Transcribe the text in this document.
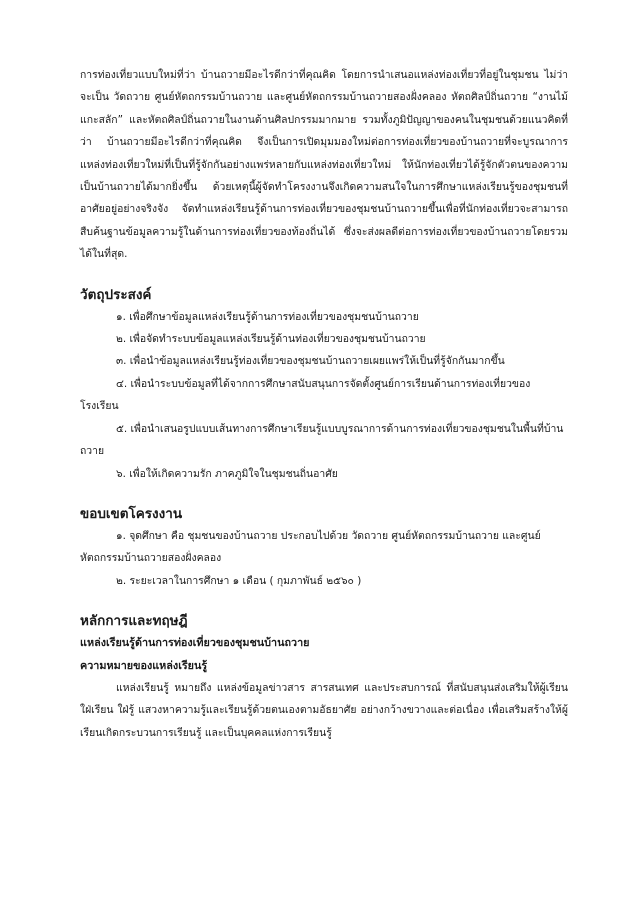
การท่องเที่ยวแบบใหม่ที่ว่า บ้านถวายมีอะไรดีกว่าที่คุณคิด โดยการนำเสนอแหล่งท่องเที่ยวที่อยู่ในชุมชน ไม่ว่าจะเป็น วัดถวาย ศูนย์หัตถกรรมบ้านถวาย และศูนย์หัตถกรรมบ้านถวายสองฝั่งคลอง หัตถศิลป์ถิ่นถวาย “งานไม้แกะสลัก” และหัตถศิลป์ถิ่นถวายในงานด้านศิลปกรรมมากมาย รวมทั้งภูมิปัญญาของคนในชุมชนด้วยแนวคิดที่ว่า บ้านถวายมีอะไรดีกว่าที่คุณคิด จึงเป็นการเปิดมุมมองใหม่ต่อการท่องเที่ยวของบ้านถวายที่จะบูรณาการแหล่งท่องเที่ยวใหม่ที่เป็นที่รู้จักกันอย่างแพร่หลายกับแหล่งท่องเที่ยวใหม่ ให้นักท่องเที่ยวได้รู้จักตัวตนของความเป็นบ้านถวายได้มากยิ่งขึ้น ด้วยเหตุนี้ผู้จัดทำโครงงานจึงเกิดความสนใจในการศึกษาแหล่งเรียนรู้ของชุมชนที่อาศัยอยู่อย่างจริงจัง จัดทำแหล่งเรียนรู้ด้านการท่องเที่ยวของชุมชนบ้านถวายขึ้นเพื่อที่นักท่องเที่ยวจะสามารถสืบค้นฐานข้อมูลความรู้ในด้านการท่องเที่ยวของท้องถิ่นได้ ซึ่งจะส่งผลดีต่อการท่องเที่ยวของบ้านถวายโดยรวมได้ในที่สุด.

วัตถุประสงค์

๑. เพื่อศึกษาข้อมูลแหล่งเรียนรู้ด้านการท่องเที่ยวของชุมชนบ้านถวาย

๒. เพื่อจัดทำระบบข้อมูลแหล่งเรียนรู้ด้านท่องเที่ยวของชุมชนบ้านถวาย

๓. เพื่อนำข้อมูลแหล่งเรียนรู้ท่องเที่ยวของชุมชนบ้านถวายเผยแพร่ให้เป็นที่รู้จักกันมากขึ้น

๔. เพื่อนำระบบข้อมูลที่ได้จากการศึกษาสนับสนุนการจัดตั้งศูนย์การเรียนด้านการท่องเที่ยวของโรงเรียน

๕. เพื่อนำเสนอรูปแบบเส้นทางการศึกษาเรียนรู้แบบบูรณาการด้านการท่องเที่ยวของชุมชนในพื้นที่บ้านถวาย

๖. เพื่อให้เกิดความรัก ภาคภูมิใจในชุมชนถิ่นอาศัย

ขอบเขตโครงงาน

๑. จุดศึกษา คือ ชุมชนของบ้านถวาย ประกอบไปด้วย วัดถวาย ศูนย์หัตถกรรมบ้านถวาย และศูนย์หัตถกรรมบ้านถวายสองฝั่งคลอง

๒. ระยะเวลาในการศึกษา ๑ เดือน ( กุมภาพันธ์ ๒๕๖๐ )

หลักการและทฤษฎี
แหล่งเรียนรู้ด้านการท่องเที่ยวของชุมชนบ้านถวาย
ความหมายของแหล่งเรียนรู้

แหล่งเรียนรู้ หมายถึง แหล่งข้อมูลข่าวสาร สารสนเทศ และประสบการณ์ ที่สนับสนุนส่งเสริมให้ผู้เรียน ใฝ่เรียน ใฝ่รู้ แสวงหาความรู้และเรียนรู้ด้วยตนเองตามอัธยาศัย อย่างกว้างขวางและต่อเนื่อง เพื่อเสริมสร้างให้ผู้เรียนเกิดกระบวนการเรียนรู้ และเป็นบุคคลแห่งการเรียนรู้
